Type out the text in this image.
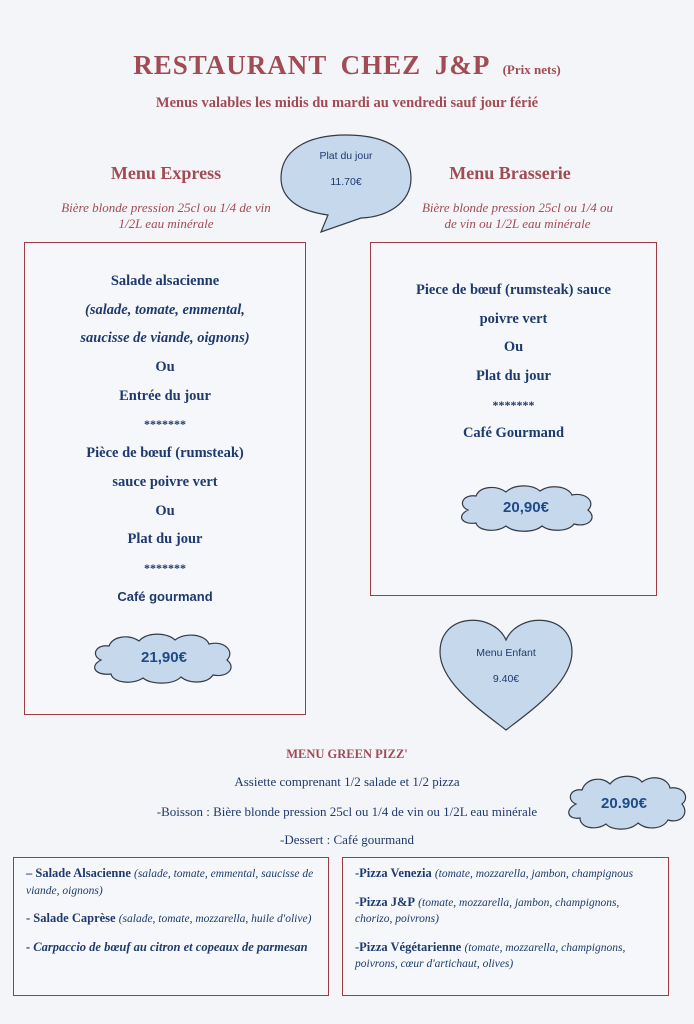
RESTAURANT CHEZ J&P (Prix nets)
Menus valables les midis du mardi au vendredi sauf jour férié
Plat du jour
11.70€
Menu Express
Bière blonde pression 25cl ou 1/4 de vin
1/2L eau minérale
Menu Brasserie
Bière blonde pression 25cl ou 1/4 ou
de vin ou 1/2L eau minérale
Salade alsacienne
(salade, tomate, emmental,
saucisse de viande, oignons)
Ou
Entrée du jour
*******
Pièce de bœuf (rumsteak)
sauce poivre vert
Ou
Plat du jour
*******
Café gourmand
21,90€
Piece de bœuf (rumsteak) sauce
poivre vert
Ou
Plat du jour
*******
Café Gourmand
20,90€
Menu Enfant
9.40€
MENU GREEN PIZZ'
Assiette comprenant 1/2 salade et 1/2 pizza
-Boisson : Bière blonde pression 25cl ou 1/4 de vin ou 1/2L eau minérale
-Dessert : Café gourmand
20.90€

– Salade Alsacienne (salade, tomate, emmental, saucisse de viande, oignons)

- Salade Caprèse (salade, tomate, mozzarella, huile d'olive)

- Carpaccio de bœuf au citron et copeaux de parmesan

-Pizza Venezia (tomate, mozzarella, jambon, champignous

-Pizza J&P (tomate, mozzarella, jambon, champignons, chorizo, poivrons)

-Pizza Végétarienne (tomate, mozzarella, champignons, poivrons, cœur d'artichaut, olives)
